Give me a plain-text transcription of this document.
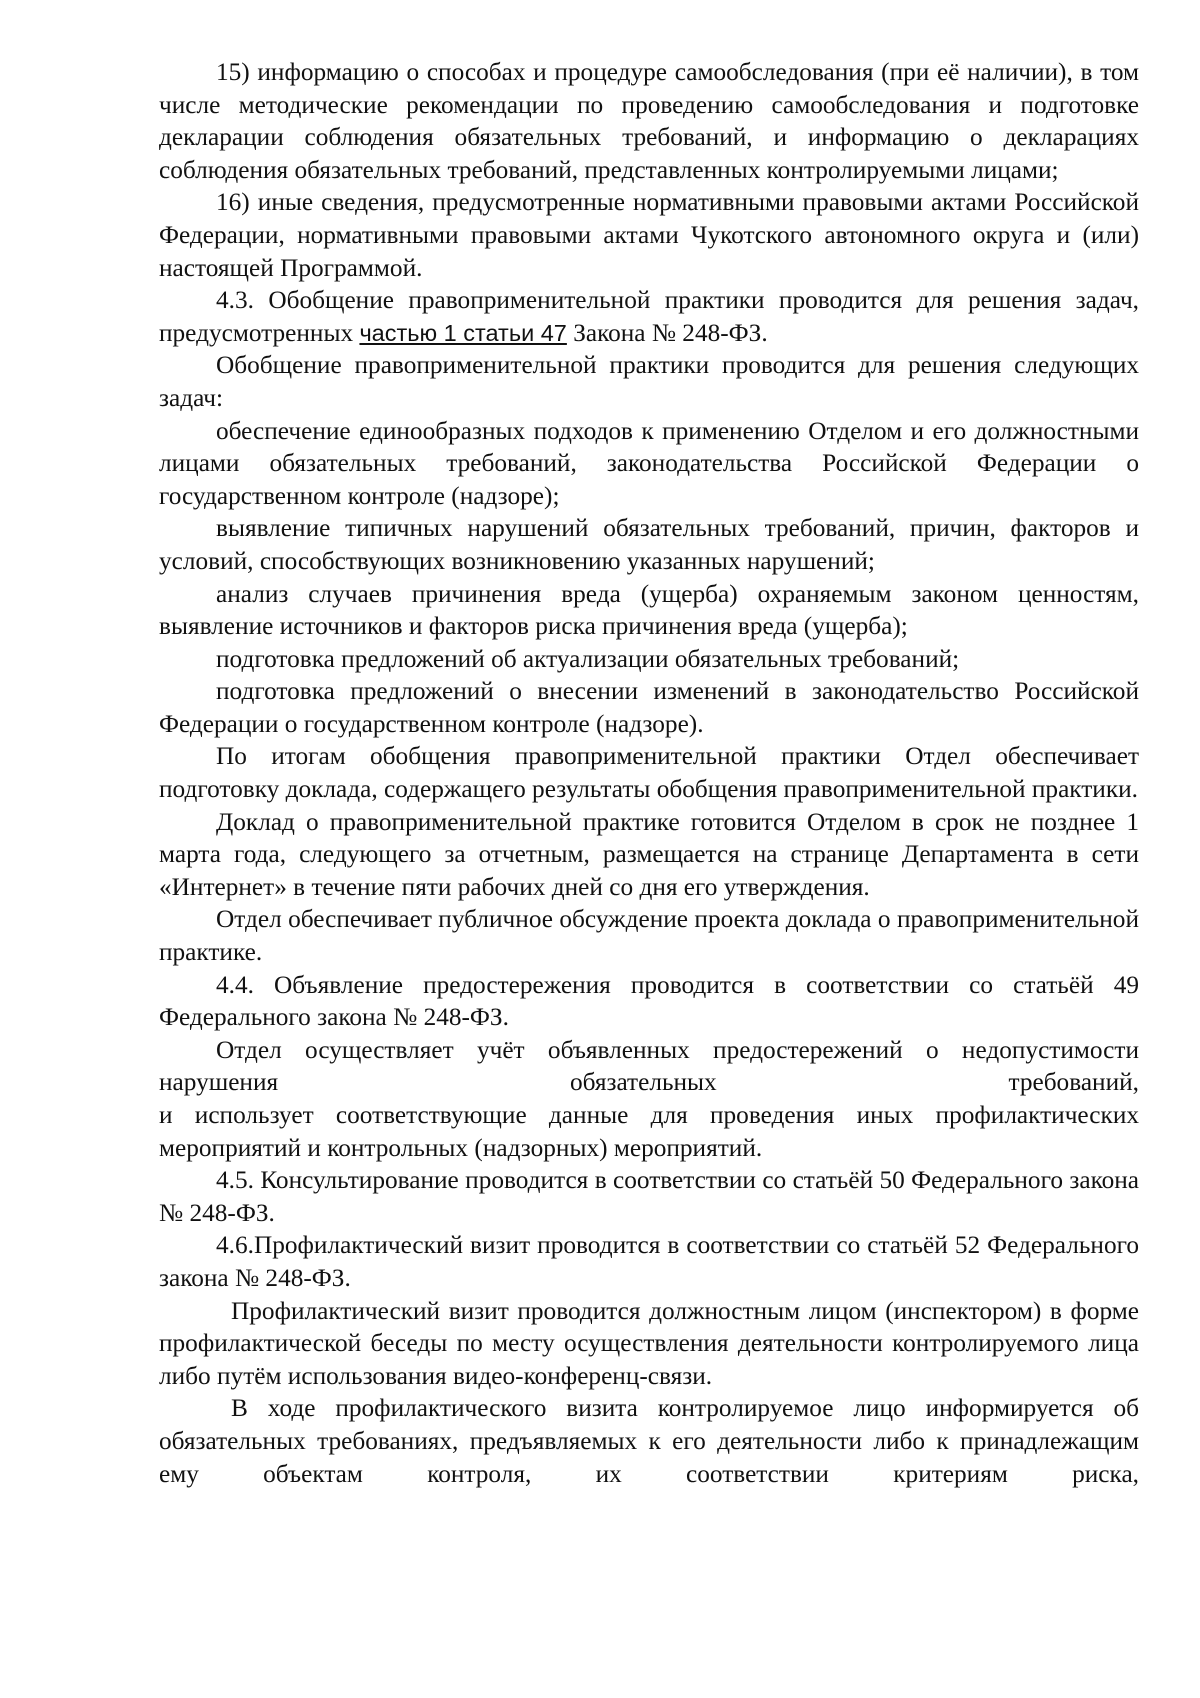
15) информацию о способах и процедуре самообследования (при её наличии), в том числе методические рекомендации по проведению самообследования и подготовке декларации соблюдения обязательных требований, и информацию о декларациях соблюдения обязательных требований, представленных контролируемыми лицами;

16) иные сведения, предусмотренные нормативными правовыми актами Российской Федерации, нормативными правовыми актами Чукотского автономного округа и (или) настоящей Программой.

4.3. Обобщение правоприменительной практики проводится для решения задач, предусмотренных частью 1 статьи 47 Закона № 248-ФЗ.

Обобщение правоприменительной практики проводится для решения следующих задач:

обеспечение единообразных подходов к применению Отделом и его должностными лицами обязательных требований, законодательства Российской Федерации о государственном контроле (надзоре);

выявление типичных нарушений обязательных требований, причин, факторов и условий, способствующих возникновению указанных нарушений;

анализ случаев причинения вреда (ущерба) охраняемым законом ценностям, выявление источников и факторов риска причинения вреда (ущерба);

подготовка предложений об актуализации обязательных требований;

подготовка предложений о внесении изменений в законодательство Российской Федерации о государственном контроле (надзоре).

По итогам обобщения правоприменительной практики Отдел обеспечивает подготовку доклада, содержащего результаты обобщения правоприменительной практики.

Доклад о правоприменительной практике готовится Отделом в срок не позднее 1 марта года, следующего за отчетным, размещается на странице Департамента в сети «Интернет» в течение пяти рабочих дней со дня его утверждения.

Отдел обеспечивает публичное обсуждение проекта доклада о правоприменительной практике.

4.4. Объявление предостережения проводится в соответствии со статьёй 49 Федерального закона № 248-ФЗ.

Отдел осуществляет учёт объявленных предостережений о недопустимости нарушения обязательных требований,

и использует соответствующие данные для проведения иных профилактических мероприятий и контрольных (надзорных) мероприятий.

4.5. Консультирование проводится в соответствии со статьёй 50 Федерального закона № 248-ФЗ.

4.6.Профилактический визит проводится в соответствии со статьёй 52 Федерального закона № 248-ФЗ.

Профилактический визит проводится должностным лицом (инспектором) в форме профилактической беседы по месту осуществления деятельности контролируемого лица либо путём использования видео-конференц-связи.

В ходе профилактического визита контролируемое лицо информируется об обязательных требованиях, предъявляемых к его деятельности либо к принадлежащим ему объектам контроля, их соответствии критериям риска,
